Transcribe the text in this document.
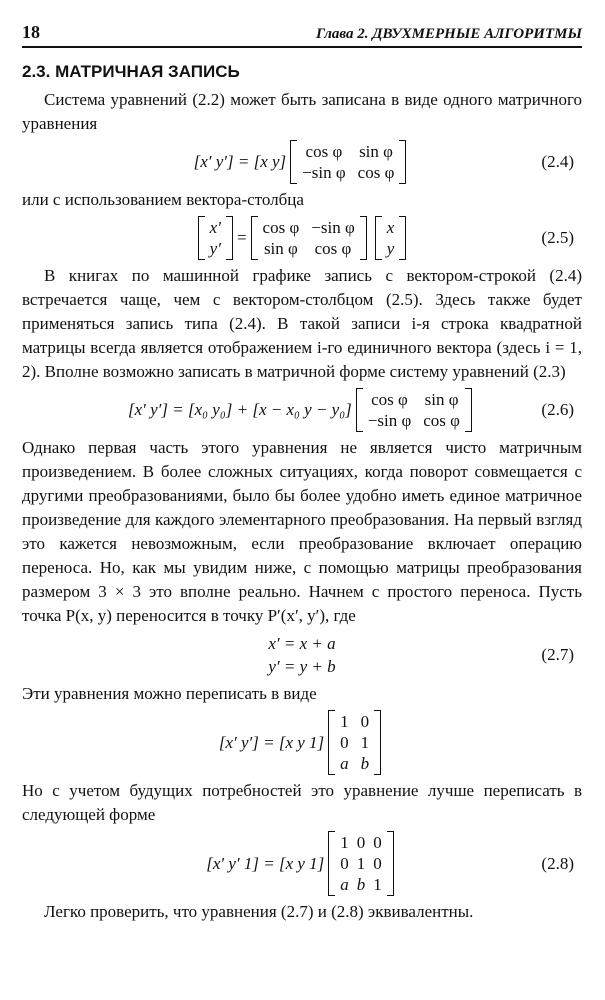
18	Глава 2. ДВУХМЕРНЫЕ АЛГОРИТМЫ
2.3. МАТРИЧНАЯ ЗАПИСЬ

Система уравнений (2.2) может быть записана в виде одного матричного уравнения

[x′ y′] = [x y]
cos φ sin φ
−sin φ cos φ
(2.4)

или с использованием вектора-столбца

x′
y′
=
cos φ −sin φ
sin φ cos φ
x
y
(2.5)

В книгах по машинной графике запись с вектором-строкой (2.4) встречается чаще, чем с вектором-столбцом (2.5). Здесь также будет применяться запись типа (2.4). В такой записи i-я строка квадратной матрицы всегда является отображением i-го единичного вектора (здесь i = 1, 2). Вполне возможно записать в матричной форме систему уравнений (2.3)

[x′ y′] = [x₀ y₀] + [x − x₀ y − y₀]
cos φ sin φ
−sin φ cos φ
(2.6)

Однако первая часть этого уравнения не является чисто матричным произведением. В более сложных ситуациях, когда поворот совмещается с другими преобразованиями, было бы более удобно иметь единое матричное произведение для каждого элементарного преобразования. На первый взгляд это кажется невозможным, если преобразование включает операцию переноса. Но, как мы увидим ниже, с помощью матрицы преобразования размером 3 × 3 это вполне реально. Начнем с простого переноса. Пусть точка P(x, y) переносится в точку P′(x′, y′), где

x′ = x + a
y′ = y + b
(2.7)

Эти уравнения можно переписать в виде

[x′ y′] = [x y 1]
1 0
0 1
a b

Но с учетом будущих потребностей это уравнение лучше переписать в следующей форме

[x′ y′ 1] = [x y 1]
1 0 0
0 1 0
a b 1
(2.8)

Легко проверить, что уравнения (2.7) и (2.8) эквивалентны.
